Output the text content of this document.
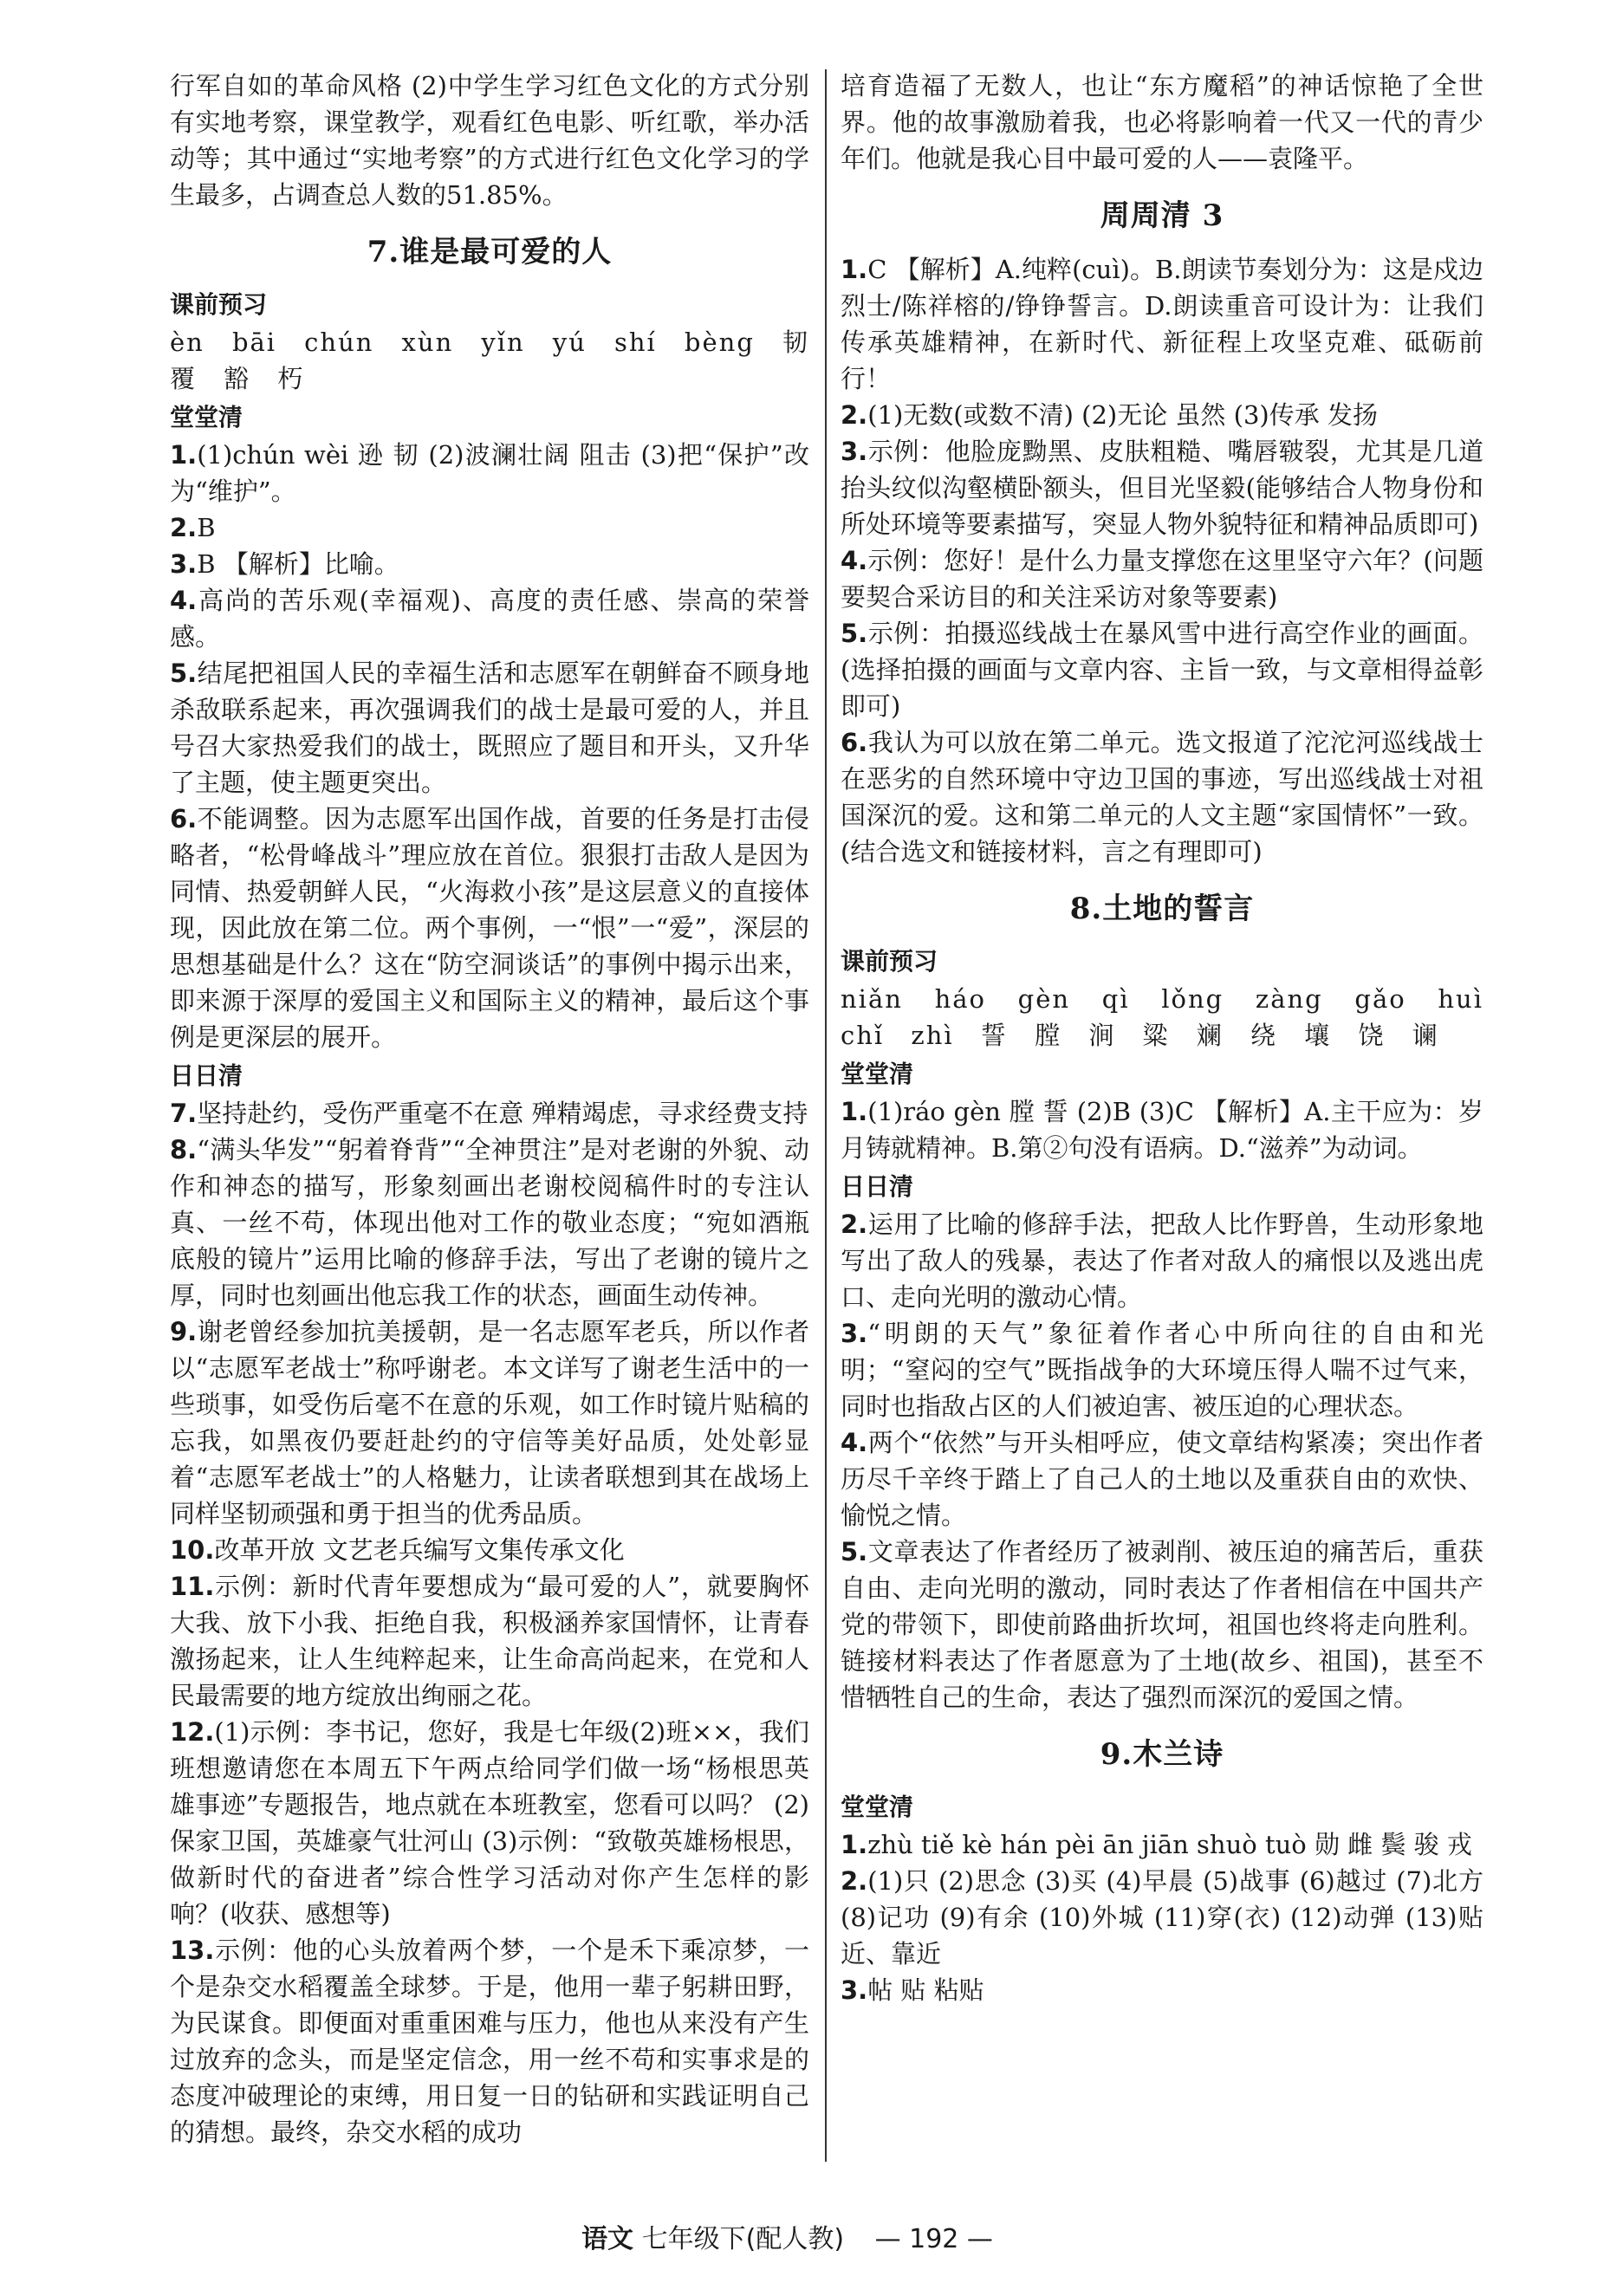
行军自如的革命风格 (2)中学生学习红色文化的方式分别有实地考察，课堂教学，观看红色电影、听红歌，举办活动等；其中通过“实地考察”的方式进行红色文化学习的学生最多，占调查总人数的51.85%。

7.谁是最可爱的人
课前预习

èn bāi chún xùn yǐn yú shí bèng 韧 覆 豁 朽

堂堂清

1.(1)chún wèi 逊 韧 (2)波澜壮阔 阻击 (3)把“保护”改为“维护”。

2.B

3.B 【解析】比喻。

4.高尚的苦乐观(幸福观)、高度的责任感、崇高的荣誉感。

5.结尾把祖国人民的幸福生活和志愿军在朝鲜奋不顾身地杀敌联系起来，再次强调我们的战士是最可爱的人，并且号召大家热爱我们的战士，既照应了题目和开头，又升华了主题，使主题更突出。

6.不能调整。因为志愿军出国作战，首要的任务是打击侵略者，“松骨峰战斗”理应放在首位。狠狠打击敌人是因为同情、热爱朝鲜人民，“火海救小孩”是这层意义的直接体现，因此放在第二位。两个事例，一“恨”一“爱”，深层的思想基础是什么？这在“防空洞谈话”的事例中揭示出来，即来源于深厚的爱国主义和国际主义的精神，最后这个事例是更深层的展开。

日日清

7.坚持赴约，受伤严重毫不在意 殚精竭虑，寻求经费支持

8.“满头华发”“躬着脊背”“全神贯注”是对老谢的外貌、动作和神态的描写，形象刻画出老谢校阅稿件时的专注认真、一丝不苟，体现出他对工作的敬业态度；“宛如酒瓶底般的镜片”运用比喻的修辞手法，写出了老谢的镜片之厚，同时也刻画出他忘我工作的状态，画面生动传神。

9.谢老曾经参加抗美援朝，是一名志愿军老兵，所以作者以“志愿军老战士”称呼谢老。本文详写了谢老生活中的一些琐事，如受伤后毫不在意的乐观，如工作时镜片贴稿的忘我，如黑夜仍要赶赴约的守信等美好品质，处处彰显着“志愿军老战士”的人格魅力，让读者联想到其在战场上同样坚韧顽强和勇于担当的优秀品质。

10.改革开放 文艺老兵编写文集传承文化

11.示例：新时代青年要想成为“最可爱的人”，就要胸怀大我、放下小我、拒绝自我，积极涵养家国情怀，让青春激扬起来，让人生纯粹起来，让生命高尚起来，在党和人民最需要的地方绽放出绚丽之花。

12.(1)示例：李书记，您好，我是七年级(2)班××，我们班想邀请您在本周五下午两点给同学们做一场“杨根思英雄事迹”专题报告，地点就在本班教室，您看可以吗？ (2)保家卫国，英雄豪气壮河山 (3)示例：“致敬英雄杨根思，做新时代的奋进者”综合性学习活动对你产生怎样的影响？(收获、感想等)

13.示例：他的心头放着两个梦，一个是禾下乘凉梦，一个是杂交水稻覆盖全球梦。于是，他用一辈子躬耕田野，为民谋食。即便面对重重困难与压力，他也从来没有产生过放弃的念头，而是坚定信念，用一丝不苟和实事求是的态度冲破理论的束缚，用日复一日的钻研和实践证明自己的猜想。最终，杂交水稻的成功

培育造福了无数人，也让“东方魔稻”的神话惊艳了全世界。他的故事激励着我，也必将影响着一代又一代的青少年们。他就是我心目中最可爱的人——袁隆平。

周周清 3

1.C 【解析】A.纯粹(cuì)。B.朗读节奏划分为：这是戍边烈士/陈祥榕的/铮铮誓言。D.朗读重音可设计为：让我们传承英雄精神，在新时代、新征程上攻坚克难、砥砺前行！

2.(1)无数(或数不清) (2)无论 虽然 (3)传承 发扬

3.示例：他脸庞黝黑、皮肤粗糙、嘴唇皲裂，尤其是几道抬头纹似沟壑横卧额头，但目光坚毅(能够结合人物身份和所处环境等要素描写，突显人物外貌特征和精神品质即可)

4.示例：您好！是什么力量支撑您在这里坚守六年？(问题要契合采访目的和关注采访对象等要素)

5.示例：拍摄巡线战士在暴风雪中进行高空作业的画面。(选择拍摄的画面与文章内容、主旨一致，与文章相得益彰即可)

6.我认为可以放在第二单元。选文报道了沱沱河巡线战士在恶劣的自然环境中守边卫国的事迹，写出巡线战士对祖国深沉的爱。这和第二单元的人文主题“家国情怀”一致。(结合选文和链接材料，言之有理即可)

8.土地的誓言
课前预习

niǎn háo gèn qì lǒng zàng gǎo huì chǐ zhì 誓 膛 涧 粱 斓 绕 壤 饶 谰

堂堂清

1.(1)ráo gèn 膛 誓 (2)B (3)C 【解析】A.主干应为：岁月铸就精神。B.第②句没有语病。D.“滋养”为动词。

日日清

2.运用了比喻的修辞手法，把敌人比作野兽，生动形象地写出了敌人的残暴，表达了作者对敌人的痛恨以及逃出虎口、走向光明的激动心情。

3.“明朗的天气”象征着作者心中所向往的自由和光明；“窒闷的空气”既指战争的大环境压得人喘不过气来，同时也指敌占区的人们被迫害、被压迫的心理状态。

4.两个“依然”与开头相呼应，使文章结构紧凑；突出作者历尽千辛终于踏上了自己人的土地以及重获自由的欢快、愉悦之情。

5.文章表达了作者经历了被剥削、被压迫的痛苦后，重获自由、走向光明的激动，同时表达了作者相信在中国共产党的带领下，即使前路曲折坎坷，祖国也终将走向胜利。链接材料表达了作者愿意为了土地(故乡、祖国)，甚至不惜牺牲自己的生命，表达了强烈而深沉的爱国之情。

9.木兰诗
堂堂清

1.zhù tiě kè hán pèi ān jiān shuò tuò 勋 雌 鬓 骏 戎

2.(1)只 (2)思念 (3)买 (4)早晨 (5)战事 (6)越过 (7)北方 (8)记功 (9)有余 (10)外城 (11)穿(衣) (12)动弹 (13)贴近、靠近

3.帖 贴 粘贴

语文 七年级下(配人教) — 192 —
